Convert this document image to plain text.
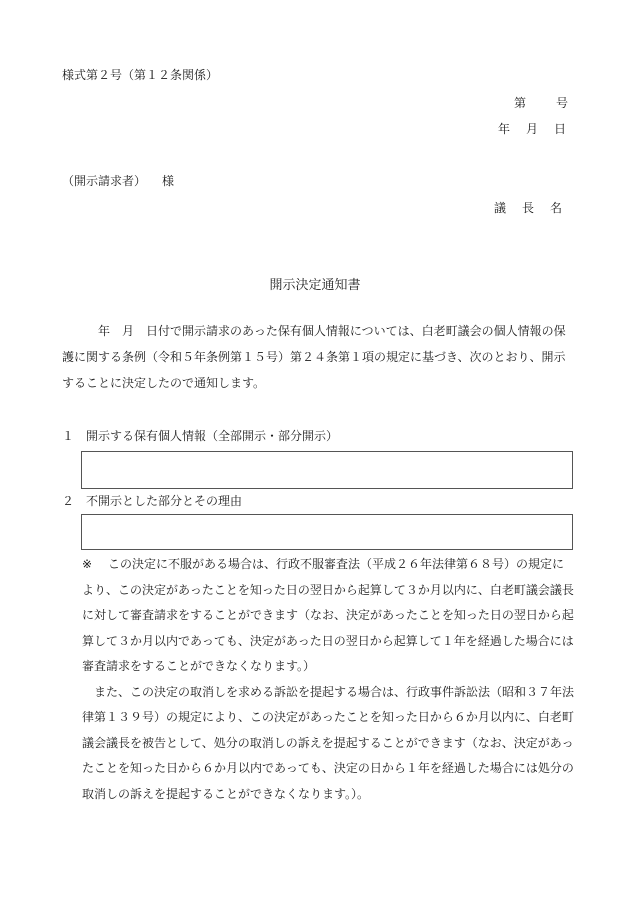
様式第２号（第１２条関係）
第	号
年 月 日
（開示請求者） 様
議 長 名
開示決定通知書
年　月　日付で開示請求のあった保有個人情報については、白老町議会の個人情報の保護に関する条例（令和５年条例第１５号）第２４条第１項の規定に基づき、次のとおり、開示することに決定したので通知します。
１　 開示する保有個人情報（全部開示・部分開示）
２　 不開示とした部分とその理由

※ この決定に不服がある場合は、行政不服審査法（平成２６年法律第６８号）の規定により、この決定があったことを知った日の翌日から起算して３か月以内に、白老町議会議長に対して審査請求をすることができます（なお、決定があったことを知った日の翌日から起算して３か月以内であっても、決定があった日の翌日から起算して１年を経過した場合には審査請求をすることができなくなります。）

また、この決定の取消しを求める訴訟を提起する場合は、行政事件訴訟法（昭和３７年法律第１３９号）の規定により、この決定があったことを知った日から６か月以内に、白老町議会議長を被告として、処分の取消しの訴えを提起することができます（なお、決定があったことを知った日から６か月以内であっても、決定の日から１年を経過した場合には処分の取消しの訴えを提起することができなくなります。）。
